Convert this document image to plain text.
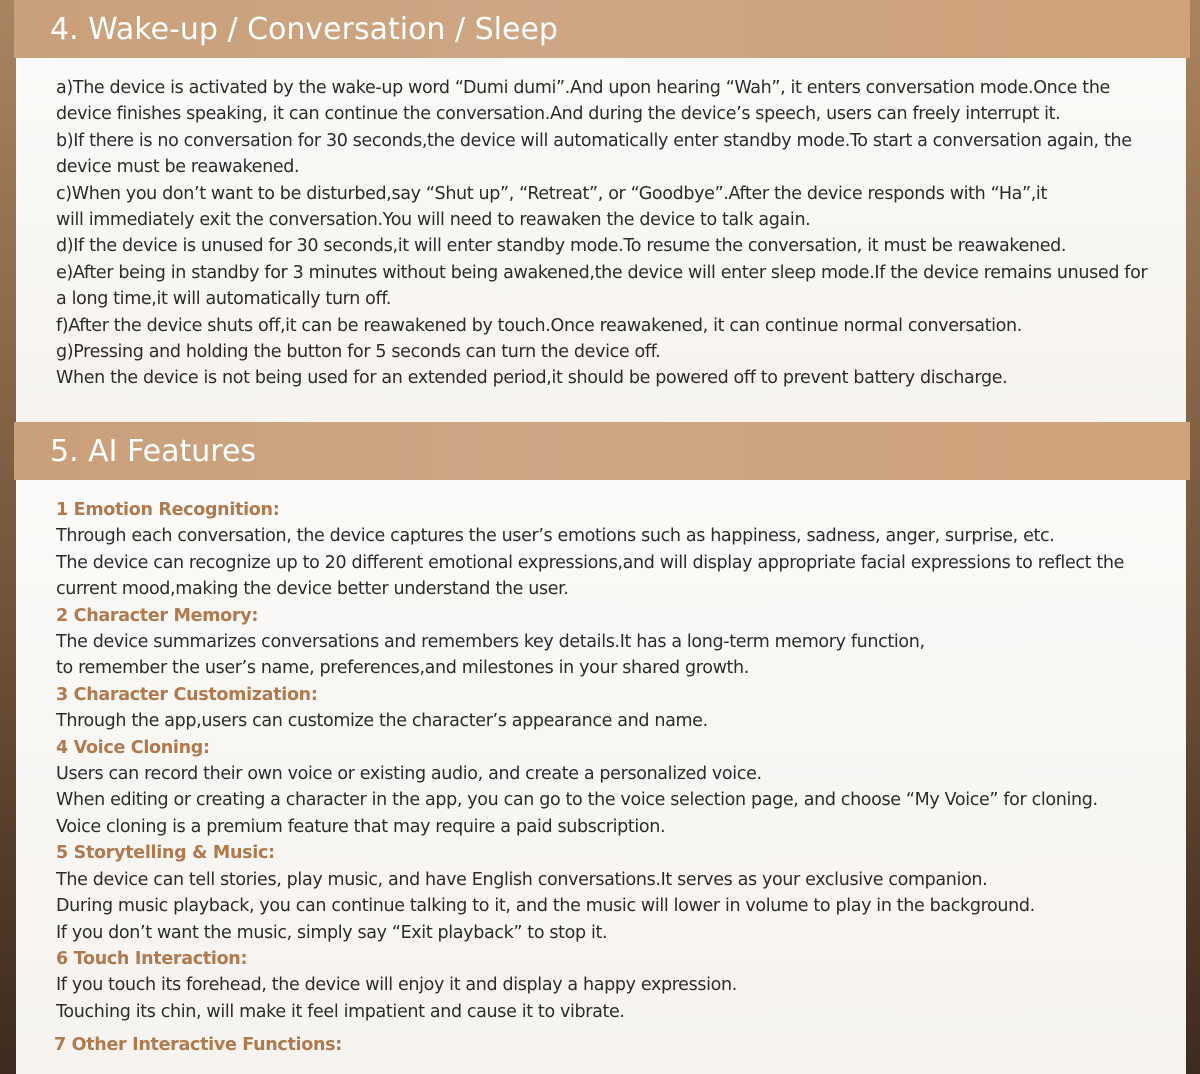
4. Wake-up / Conversation / Sleep
a)The device is activated by the wake-up word “Dumi dumi”.And upon hearing “Wah”, it enters conversation mode.Once the
device finishes speaking, it can continue the conversation.And during the device’s speech, users can freely interrupt it.
b)If there is no conversation for 30 seconds,the device will automatically enter standby mode.To start a conversation again, the
device must be reawakened.
c)When you don’t want to be disturbed,say “Shut up”, “Retreat”, or “Goodbye”.After the device responds with “Ha”,it
will immediately exit the conversation.You will need to reawaken the device to talk again.
d)If the device is unused for 30 seconds,it will enter standby mode.To resume the conversation, it must be reawakened.
e)After being in standby for 3 minutes without being awakened,the device will enter sleep mode.If the device remains unused for
a long time,it will automatically turn off.
f)After the device shuts off,it can be reawakened by touch.Once reawakened, it can continue normal conversation.
g)Pressing and holding the button for 5 seconds can turn the device off.
When the device is not being used for an extended period,it should be powered off to prevent battery discharge.
5. AI Features
1 Emotion Recognition:
Through each conversation, the device captures the user’s emotions such as happiness, sadness, anger, surprise, etc.
The device can recognize up to 20 different emotional expressions,and will display appropriate facial expressions to reflect the
current mood,making the device better understand the user.
2 Character Memory:
The device summarizes conversations and remembers key details.It has a long-term memory function,
to remember the user’s name, preferences,and milestones in your shared growth.
3 Character Customization:
Through the app,users can customize the character’s appearance and name.
4 Voice Cloning:
Users can record their own voice or existing audio, and create a personalized voice.
When editing or creating a character in the app, you can go to the voice selection page, and choose “My Voice” for cloning.
Voice cloning is a premium feature that may require a paid subscription.
5 Storytelling & Music:
The device can tell stories, play music, and have English conversations.It serves as your exclusive companion.
During music playback, you can continue talking to it, and the music will lower in volume to play in the background.
If you don’t want the music, simply say “Exit playback” to stop it.
6 Touch Interaction:
If you touch its forehead, the device will enjoy it and display a happy expression.
Touching its chin, will make it feel impatient and cause it to vibrate.
7 Other Interactive Functions:
